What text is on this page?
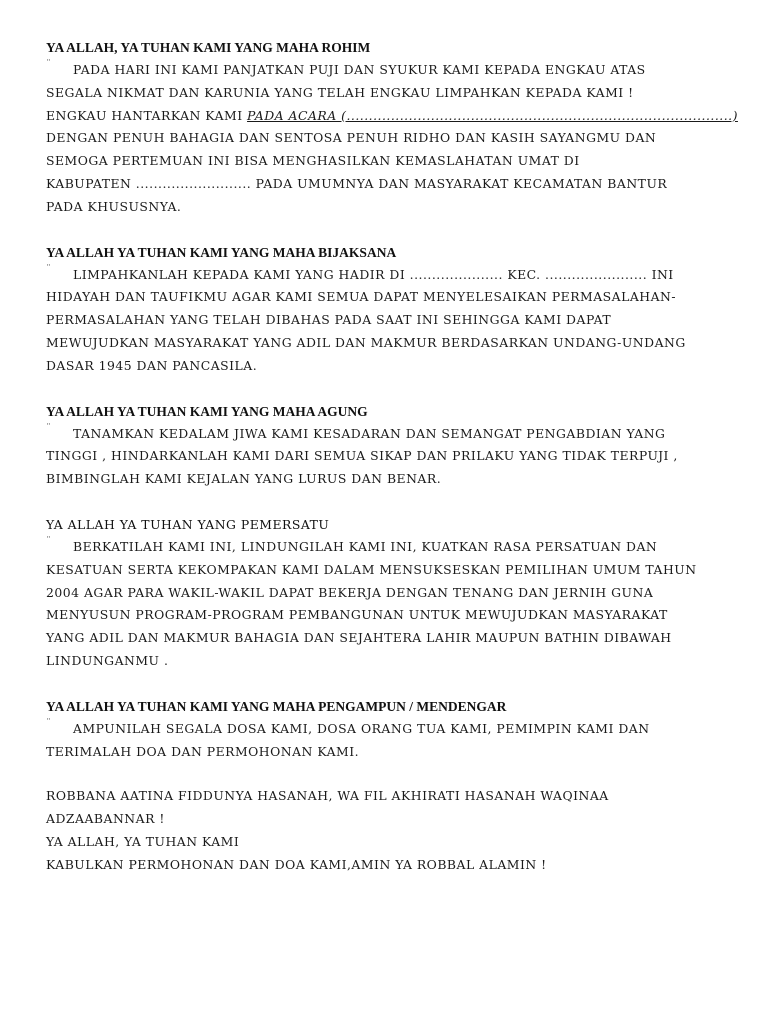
YA ALLAH, YA TUHAN KAMI YANG MAHA ROHIM
¨ PADA HARI INI KAMI PANJATKAN PUJI DAN SYUKUR KAMI KEPADA ENGKAU ATAS
SEGALA NIKMAT DAN KARUNIA YANG TELAH ENGKAU LIMPAHKAN KEPADA KAMI !
ENGKAU HANTARKAN KAMI PADA ACARA (.......................................................................................)
DENGAN PENUH BAHAGIA DAN SENTOSA PENUH RIDHO DAN KASIH SAYANGMU DAN
SEMOGA PERTEMUAN INI BISA MENGHASILKAN KEMASLAHATAN UMAT DI
KABUPATEN .......................... PADA UMUMNYA DAN MASYARAKAT KECAMATAN BANTUR
PADA KHUSUSNYA.
YA ALLAH YA TUHAN KAMI YANG MAHA BIJAKSANA
¨ LIMPAHKANLAH KEPADA KAMI YANG HADIR DI ..................... KEC. ....................... INI
HIDAYAH DAN TAUFIKMU AGAR KAMI SEMUA DAPAT MENYELESAIKAN PERMASALAHAN-
PERMASALAHAN YANG TELAH DIBAHAS PADA SAAT INI SEHINGGA KAMI DAPAT
MEWUJUDKAN MASYARAKAT YANG ADIL DAN MAKMUR BERDASARKAN UNDANG-UNDANG
DASAR 1945 DAN PANCASILA.
YA ALLAH YA TUHAN KAMI YANG MAHA AGUNG
¨ TANAMKAN KEDALAM JIWA KAMI KESADARAN DAN SEMANGAT PENGABDIAN YANG
TINGGI , HINDARKANLAH KAMI DARI SEMUA SIKAP DAN PRILAKU YANG TIDAK TERPUJI ,
BIMBINGLAH KAMI KEJALAN YANG LURUS DAN BENAR.
YA ALLAH YA TUHAN YANG PEMERSATU
¨ BERKATILAH KAMI INI, LINDUNGILAH KAMI INI, KUATKAN RASA PERSATUAN DAN
KESATUAN SERTA KEKOMPAKAN KAMI DALAM MENSUKSESKAN PEMILIHAN UMUM TAHUN
2004 AGAR PARA WAKIL-WAKIL DAPAT BEKERJA DENGAN TENANG DAN JERNIH GUNA
MENYUSUN PROGRAM-PROGRAM PEMBANGUNAN UNTUK MEWUJUDKAN MASYARAKAT
YANG ADIL DAN MAKMUR BAHAGIA DAN SEJAHTERA LAHIR MAUPUN BATHIN DIBAWAH
LINDUNGANMU .
YA ALLAH YA TUHAN KAMI YANG MAHA PENGAMPUN / MENDENGAR
¨ AMPUNILAH SEGALA DOSA KAMI, DOSA ORANG TUA KAMI, PEMIMPIN KAMI DAN
TERIMALAH DOA DAN PERMOHONAN KAMI.
ROBBANA AATINA FIDDUNYA HASANAH, WA FIL AKHIRATI HASANAH WAQINAA
ADZAABANNAR !
YA ALLAH, YA TUHAN KAMI
KABULKAN PERMOHONAN DAN DOA KAMI,AMIN YA ROBBAL ALAMIN !
